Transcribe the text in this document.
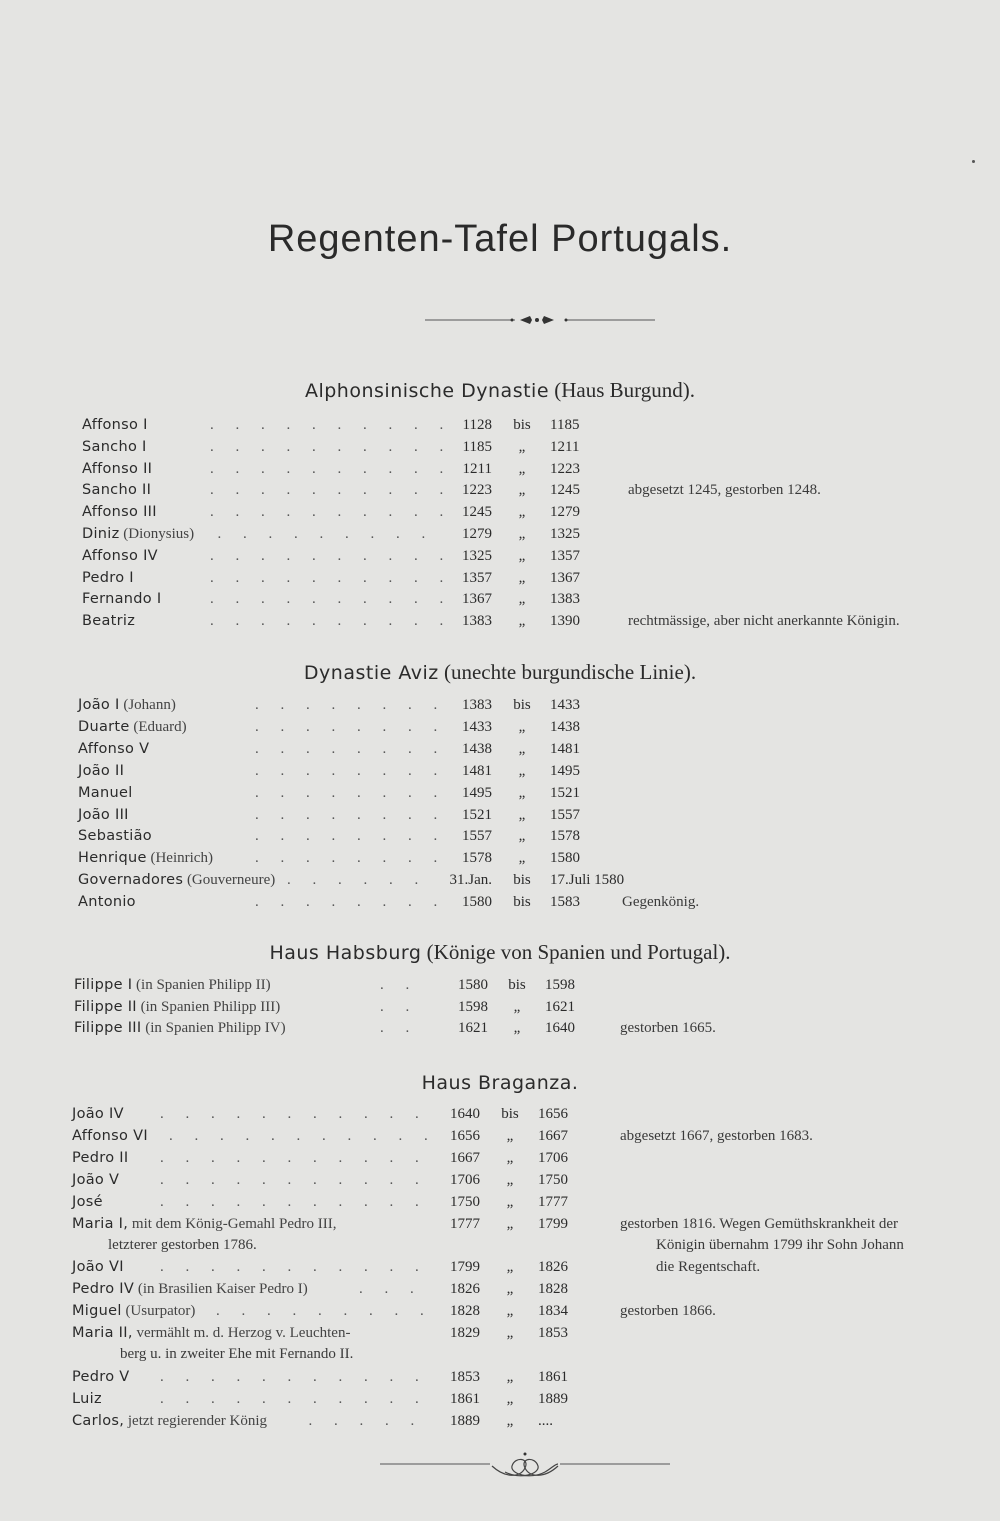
Regenten-Tafel Portugals.
Alphonsinische Dynastie (Haus Burgund).
Affonso I	. . . . . . . . . . 1128	bis	1185
Sancho I	. . . . . . . . . . 1185	„	1211
Affonso II	. . . . . . . . . . 1211	„	1223
Sancho II	. . . . . . . . . . 1223	„	1245	abgesetzt 1245, gestorben 1248.
Affonso III	. . . . . . . . . . 1245	„	1279
Diniz (Dionysius) . . . . . . . . .	1279	„	1325
Affonso IV	. . . . . . . . . . 1325	„	1357
Pedro I	. . . . . . . . . . 1357	„	1367
Fernando I	. . . . . . . . . . 1367	„	1383
Beatriz	. . . . . . . . . . 1383	„	1390	rechtmässige, aber nicht anerkannte Königin.
Dynastie Aviz (unechte burgundische Linie).
João I (Johann)	. . . . . . . .	1383	bis	1433
Duarte (Eduard)	. . . . . . . .	1433	„	1438
Affonso V	. . . . . . . .	1438	„	1481
João II	. . . . . . . .	1481	„	1495
Manuel	. . . . . . . .	1495	„	1521
João III	. . . . . . . .	1521	„	1557
Sebastião	. . . . . . . .	1557	„	1578
Henrique (Heinrich)	. . . . . . . .	1578	„	1580
Governadores (Gouverneure) . . . . . .	31.Jan.	bis	17.Juli 1580
Antonio	. . . . . . . .	1580	bis	1583	Gegenkönig.
Haus Habsburg (Könige von Spanien und Portugal).
Filippe I (in Spanien Philipp II)	. .	1580	bis	1598
Filippe II (in Spanien Philipp III)	. .	1598	„	1621
Filippe III (in Spanien Philipp IV)	. .	1621	„	1640	gestorben 1665.
Haus Braganza.
João IV . . . . . . . . . . .	1640	bis	1656
Affonso VI . . . . . . . . . . . 1656	„	1667	abgesetzt 1667, gestorben 1683.
Pedro II . . . . . . . . . . .	1667	„	1706
João V	. . . . . . . . . . .	1706	„	1750
José	. . . . . . . . . . .	1750	„	1777
Maria I, mit dem König-Gemahl Pedro III,	1777	„	1799	gestorben 1816. Wegen Gemüthskrankheit der
letzterer gestorben 1786.	Königin übernahm 1799 ihr Sohn Johann
die Regentschaft.
João VI . . . . . . . . . . .	1799	„	1826
Pedro IV (in Brasilien Kaiser Pedro I)	. . .	1826	„	1828
Miguel (Usurpator) . . . . . . . . .	1828	„	1834	gestorben 1866.
Maria II, vermählt m. d. Herzog v. Leuchten-	1829	„	1853
berg u. in zweiter Ehe mit Fernando II.
Pedro V . . . . . . . . . . .	1853	„	1861
Luiz	. . . . . . . . . . .	1861	„	1889
Carlos, jetzt regierender König	. . . . .	1889	„	....
